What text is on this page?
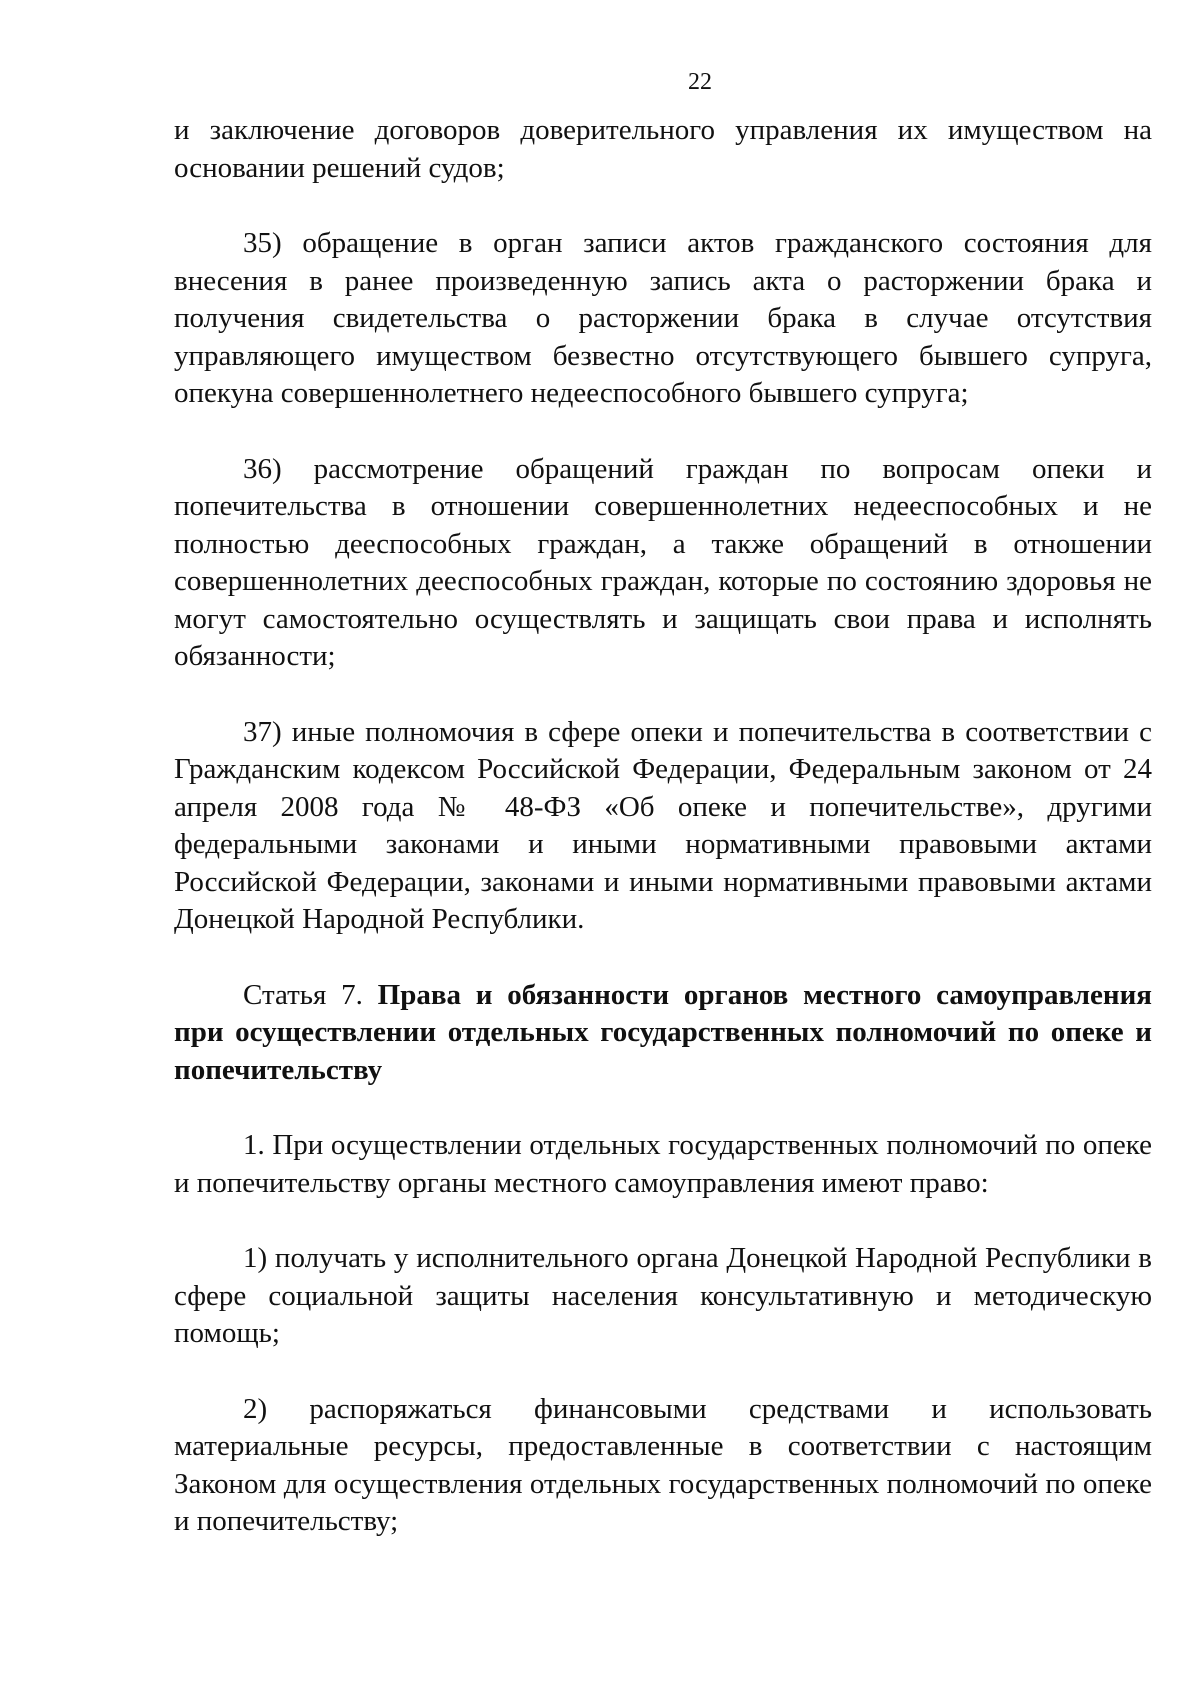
22

и заключение договоров доверительного управления их имуществом на основании решений судов;

35) обращение в орган записи актов гражданского состояния для внесения в ранее произведенную запись акта о расторжении брака и получения свидетельства о расторжении брака в случае отсутствия управляющего имуществом безвестно отсутствующего бывшего супруга, опекуна совершеннолетнего недееспособного бывшего супруга;

36) рассмотрение обращений граждан по вопросам опеки и попечительства в отношении совершеннолетних недееспособных и не полностью дееспособных граждан, а также обращений в отношении совершеннолетних дееспособных граждан, которые по состоянию здоровья не могут самостоятельно осуществлять и защищать свои права и исполнять обязанности;

37) иные полномочия в сфере опеки и попечительства в соответствии с Гражданским кодексом Российской Федерации, Федеральным законом от 24 апреля 2008 года № 48-ФЗ «Об опеке и попечительстве», другими федеральными законами и иными нормативными правовыми актами Российской Федерации, законами и иными нормативными правовыми актами Донецкой Народной Республики.

Статья 7. Права и обязанности органов местного самоуправления при осуществлении отдельных государственных полномочий по опеке и попечительству

1. При осуществлении отдельных государственных полномочий по опеке и попечительству органы местного самоуправления имеют право:

1) получать у исполнительного органа Донецкой Народной Республики в сфере социальной защиты населения консультативную и методическую помощь;

2) распоряжаться финансовыми средствами и использовать материальные ресурсы, предоставленные в соответствии с настоящим Законом для осуществления отдельных государственных полномочий по опеке и попечительству;
